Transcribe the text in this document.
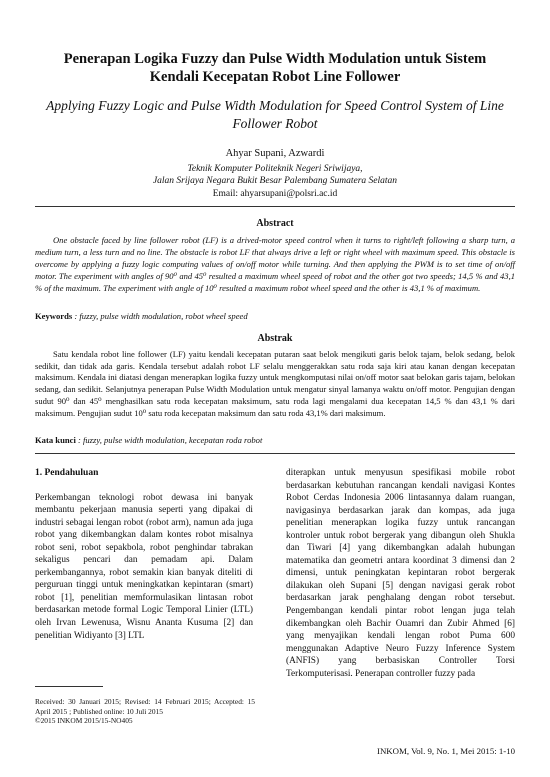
Penerapan Logika Fuzzy dan Pulse Width Modulation untuk Sistem Kendali Kecepatan Robot Line Follower
Applying Fuzzy Logic and Pulse Width Modulation for Speed Control System of Line Follower Robot
Ahyar Supani, Azwardi
Teknik Komputer Politeknik Negeri Sriwijaya,
Jalan Srijaya Negara Bukit Besar Palembang Sumatera Selatan
Email: ahyarsupani@polsri.ac.id
Abstract
One obstacle faced by line follower robot (LF) is a drived-motor speed control when it turns to right/left following a sharp turn, a medium turn, a less turn and no line. The obstacle is robot LF that always drive a left or right wheel with maximum speed. This obstacle is overcome by applying a fuzzy logic computing values of on/off motor while turning. And then applying the PWM is to set time of on/off motor. The experiment with angles of 90⁰ and 45⁰ resulted a maximum wheel speed of robot and the other got two speeds; 14,5 % and 43,1 % of the maximum. The experiment with angle of 10⁰ resulted a maximum robot wheel speed and the other is 43,1 % of maximum.
Keywords : fuzzy, pulse width modulation, robot wheel speed
Abstrak
Satu kendala robot line follower (LF) yaitu kendali kecepatan putaran saat belok mengikuti garis belok tajam, belok sedang, belok sedikit, dan tidak ada garis. Kendala tersebut adalah robot LF selalu menggerakkan satu roda saja kiri atau kanan dengan kecepatan maksimum. Kendala ini diatasi dengan menerapkan logika fuzzy untuk mengkomputasi nilai on/off motor saat belokan garis tajam, belokan sedang, dan sedikit. Selanjutnya penerapan Pulse Width Modulation untuk mengatur sinyal lamanya waktu on/off motor. Pengujian dengan sudut 90⁰ dan 45⁰ menghasilkan satu roda kecepatan maksimum, satu roda lagi mengalami dua kecepatan 14,5 % dan 43,1 % dari maksimum. Pengujian sudut 10⁰ satu roda kecepatan maksimum dan satu roda 43,1% dari maksimum.
Kata kunci : fuzzy, pulse width modulation, kecepatan roda robot

1. Pendahuluan

Perkembangan teknologi robot dewasa ini banyak membantu pekerjaan manusia seperti yang dipakai di industri sebagai lengan robot (robot arm), namun ada juga robot yang dikembangkan dalam kontes robot misalnya robot seni, robot sepakbola, robot penghindar tabrakan sekaligus pencari dan pemadam api. Dalam perkembangannya, robot semakin kian banyak diteliti di perguruan tinggi untuk meningkatkan kepintaran (smart) robot [1], penelitian memformulasikan lintasan robot berdasarkan metode formal Logic Temporal Linier (LTL) oleh Irvan Lewenusa, Wisnu Ananta Kusuma [2] dan penelitian Widiyanto [3] LTL

diterapkan untuk menyusun spesifikasi mobile robot berdasarkan kebutuhan rancangan kendali navigasi Kontes Robot Cerdas Indonesia 2006 lintasannya dalam ruangan, navigasinya berdasarkan jarak dan kompas, ada juga penelitian menerapkan logika fuzzy untuk rancangan kontroler untuk robot bergerak yang dibangun oleh Shukla dan Tiwari [4] yang dikembangkan adalah hubungan matematika dan geometri antara koordinat 3 dimensi dan 2 dimensi, untuk peningkatan kepintaran robot bergerak dilakukan oleh Supani [5] dengan navigasi gerak robot berdasarkan jarak penghalang dengan robot tersebut. Pengembangan kendali pintar robot lengan juga telah dikembangkan oleh Bachir Ouamri dan Zubir Ahmed [6] yang menyajikan kendali lengan robot Puma 600 menggunakan Adaptive Neuro Fuzzy Inference System (ANFIS) yang berbasiskan Controller Torsi Terkomputerisasi. Penerapan controller fuzzy pada

Received: 30 Januari 2015; Revised: 14 Februari 2015; Accepted: 15 April 2015 ; Published online: 10 Juli 2015
©2015 INKOM 2015/15-NO405
INKOM, Vol. 9, No. 1, Mei 2015: 1-10
